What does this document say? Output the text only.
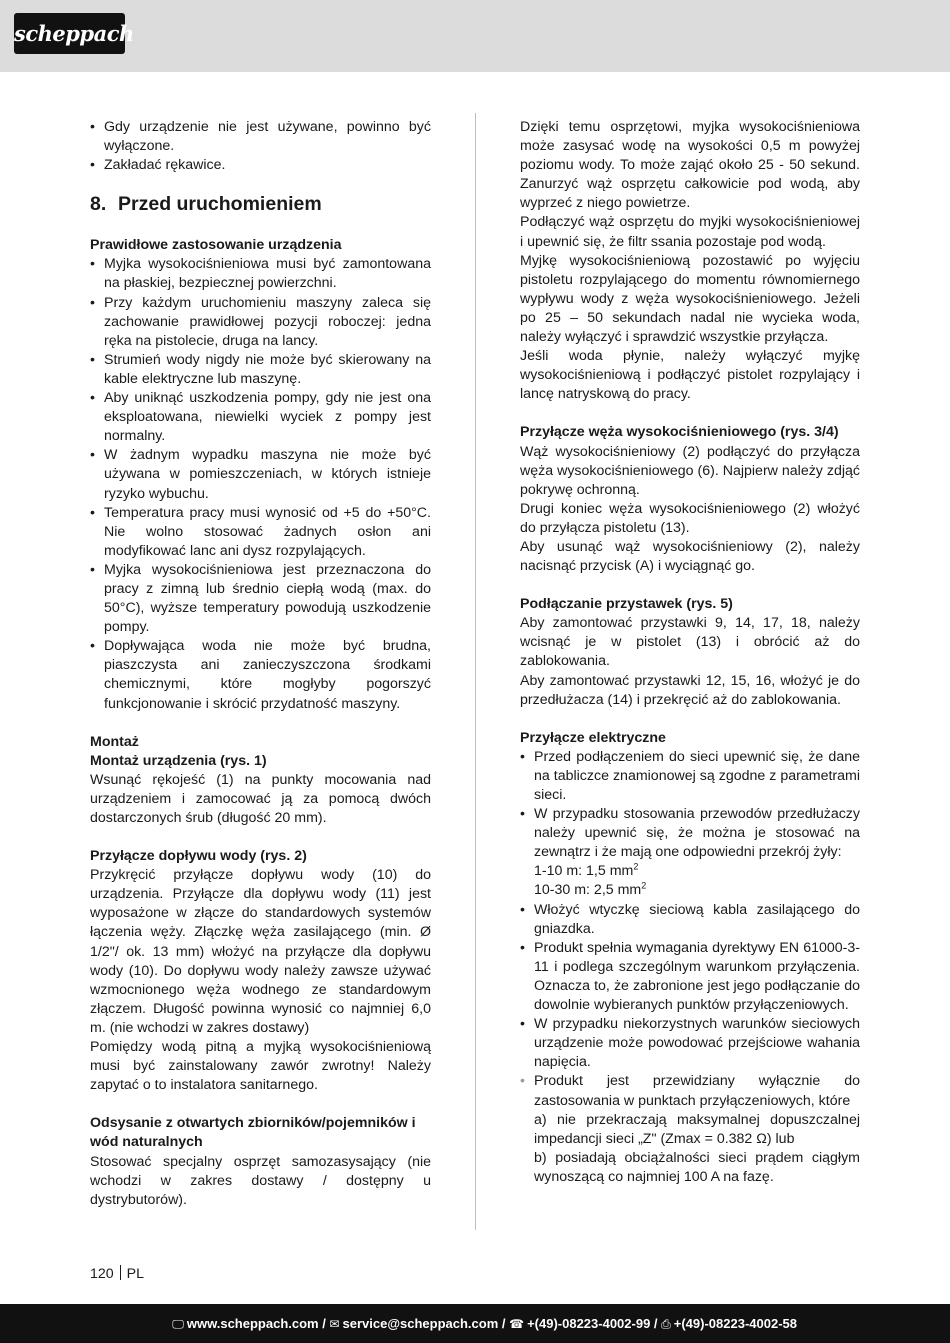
scheppach
• Gdy urządzenie nie jest używane, powinno być wyłączone.
• Zakładać rękawice.
8. Przed uruchomieniem
Prawidłowe zastosowanie urządzenia
• Myjka wysokociśnieniowa musi być zamontowana na płaskiej, bezpiecznej powierzchni.
• Przy każdym uruchomieniu maszyny zaleca się zachowanie prawidłowej pozycji roboczej: jedna ręka na pistolecie, druga na lancy.
• Strumień wody nigdy nie może być skierowany na kable elektryczne lub maszynę.
• Aby uniknąć uszkodzenia pompy, gdy nie jest ona eksploatowana, niewielki wyciek z pompy jest normalny.
• W żadnym wypadku maszyna nie może być używana w pomieszczeniach, w których istnieje ryzyko wybuchu.
• Temperatura pracy musi wynosić od +5 do +50°C. Nie wolno stosować żadnych osłon ani modyfikować lanc ani dysz rozpylających.
• Myjka wysokociśnieniowa jest przeznaczona do pracy z zimną lub średnio ciepłą wodą (max. do 50°C), wyższe temperatury powodują uszkodzenie pompy.
• Dopływająca woda nie może być brudna, piaszczysta ani zanieczyszczona środkami chemicznymi, które mogłyby pogorszyć funkcjonowanie i skrócić przydatność maszyny.
Montaż
Montaż urządzenia (rys. 1)
Wsunąć rękojeść (1) na punkty mocowania nad urządzeniem i zamocować ją za pomocą dwóch dostarczonych śrub (długość 20 mm).
Przyłącze dopływu wody (rys. 2)
Przykręcić przyłącze dopływu wody (10) do urządzenia. Przyłącze dla dopływu wody (11) jest wyposażone w złącze do standardowych systemów łączenia węży. Złączkę węża zasilającego (min. Ø 1/2"/ ok. 13 mm) włożyć na przyłącze dla dopływu wody (10). Do dopływu wody należy zawsze używać wzmocnionego węża wodnego ze standardowym złączem. Długość powinna wynosić co najmniej 6,0 m. (nie wchodzi w zakres dostawy)
Pomiędzy wodą pitną a myjką wysokociśnieniową musi być zainstalowany zawór zwrotny! Należy zapytać o to instalatora sanitarnego.
Odsysanie z otwartych zbiorników/pojemników i wód naturalnych
Stosować specjalny osprzęt samozasysający (nie wchodzi w zakres dostawy / dostępny u dystrybutorów).
Dzięki temu osprzętowi, myjka wysokociśnieniowa może zasysać wodę na wysokości 0,5 m powyżej poziomu wody. To może zająć około 25 - 50 sekund. Zanurzyć wąż osprzętu całkowicie pod wodą, aby wyprzeć z niego powietrze.
Podłączyć wąż osprzętu do myjki wysokociśnieniowej i upewnić się, że filtr ssania pozostaje pod wodą.
Myjkę wysokociśnieniową pozostawić po wyjęciu pistoletu rozpylającego do momentu równomiernego wypływu wody z węża wysokociśnieniowego. Jeżeli po 25 – 50 sekundach nadal nie wycieka woda, należy wyłączyć i sprawdzić wszystkie przyłącza.
Jeśli woda płynie, należy wyłączyć myjkę wysokociśnieniową i podłączyć pistolet rozpylający i lancę natryskową do pracy.
Przyłącze węża wysokociśnieniowego (rys. 3/4)
Wąż wysokociśnieniowy (2) podłączyć do przyłącza węża wysokociśnieniowego (6). Najpierw należy zdjąć pokrywę ochronną.
Drugi koniec węża wysokociśnieniowego (2) włożyć do przyłącza pistoletu (13).
Aby usunąć wąż wysokociśnieniowy (2), należy nacisnąć przycisk (A) i wyciągnąć go.
Podłączanie przystawek (rys. 5)
Aby zamontować przystawki 9, 14, 17, 18, należy wcisnąć je w pistolet (13) i obrócić aż do zablokowania.
Aby zamontować przystawki 12, 15, 16, włożyć je do przedłużacza (14) i przekręcić aż do zablokowania.
Przyłącze elektryczne
• Przed podłączeniem do sieci upewnić się, że dane na tabliczce znamionowej są zgodne z parametrami sieci.
• W przypadku stosowania przewodów przedłużaczy należy upewnić się, że można je stosować na zewnątrz i że mają one odpowiedni przekrój żyły:
1-10 m: 1,5 $mm^2$
10-30 m: 2,5 $mm^2$
• Włożyć wtyczkę sieciową kabla zasilającego do gniazdka.
• Produkt spełnia wymagania dyrektywy EN 61000-3-11 i podlega szczególnym warunkom przyłączenia. Oznacza to, że zabronione jest jego podłączanie do dowolnie wybieranych punktów przyłączeniowych.
• W przypadku niekorzystnych warunków sieciowych urządzenie może powodować przejściowe wahania napięcia.
• Produkt jest przewidziany wyłącznie do zastosowania w punktach przyłączeniowych, które
a) nie przekraczają maksymalnej dopuszczalnej impedancji sieci „Z" (Zmax = 0.382 Ω) lub
b) posiadają obciążalności sieci prądem ciągłym wynoszącą co najmniej 100 A na fazę.
120 PL
🖵 www.scheppach.com / ✉ service@scheppach.com / ☎ +(49)-08223-4002-99 / ⎙ +(49)-08223-4002-58
